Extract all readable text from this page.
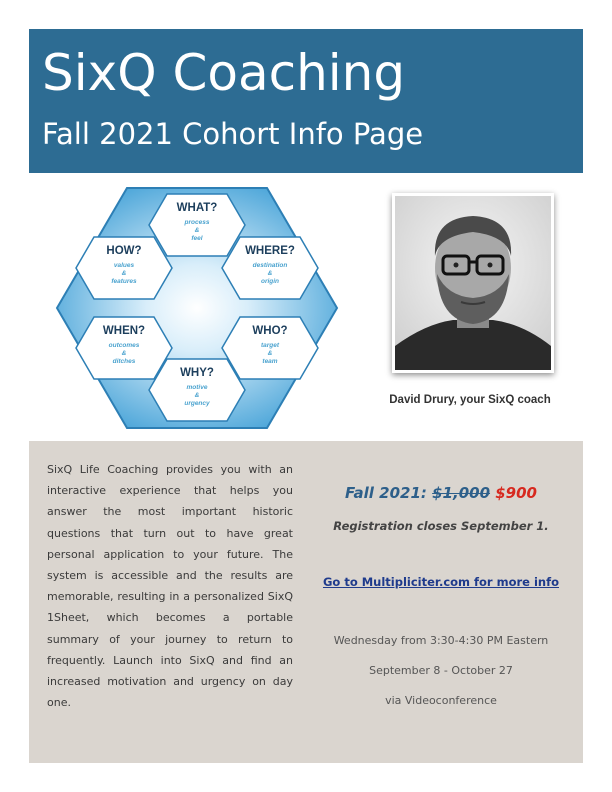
SixQ Coaching
Fall 2021 Cohort Info Page
WHAT?
process
&
feel
WHERE?
destination
&
origin
WHO?
target
&
team
WHY?
motive
&
urgency
WHEN?
outcomes
&
ditches
HOW?
values
&
features
David Drury, your SixQ coach
SixQ Life Coaching provides you with an interactive experience that helps you answer the most important historic questions that turn out to have great personal application to your future. The system is accessible and the results are memorable, resulting in a personalized SixQ 1Sheet, which becomes a portable summary of your journey to return to frequently. Launch into SixQ and find an increased motivation and urgency on day one.
Fall 2021: $1,000 $900
Registration closes September 1.
Go to Multipliciter.com for more info
Wednesday from 3:30-4:30 PM Eastern
September 8 - October 27
via Videoconference
